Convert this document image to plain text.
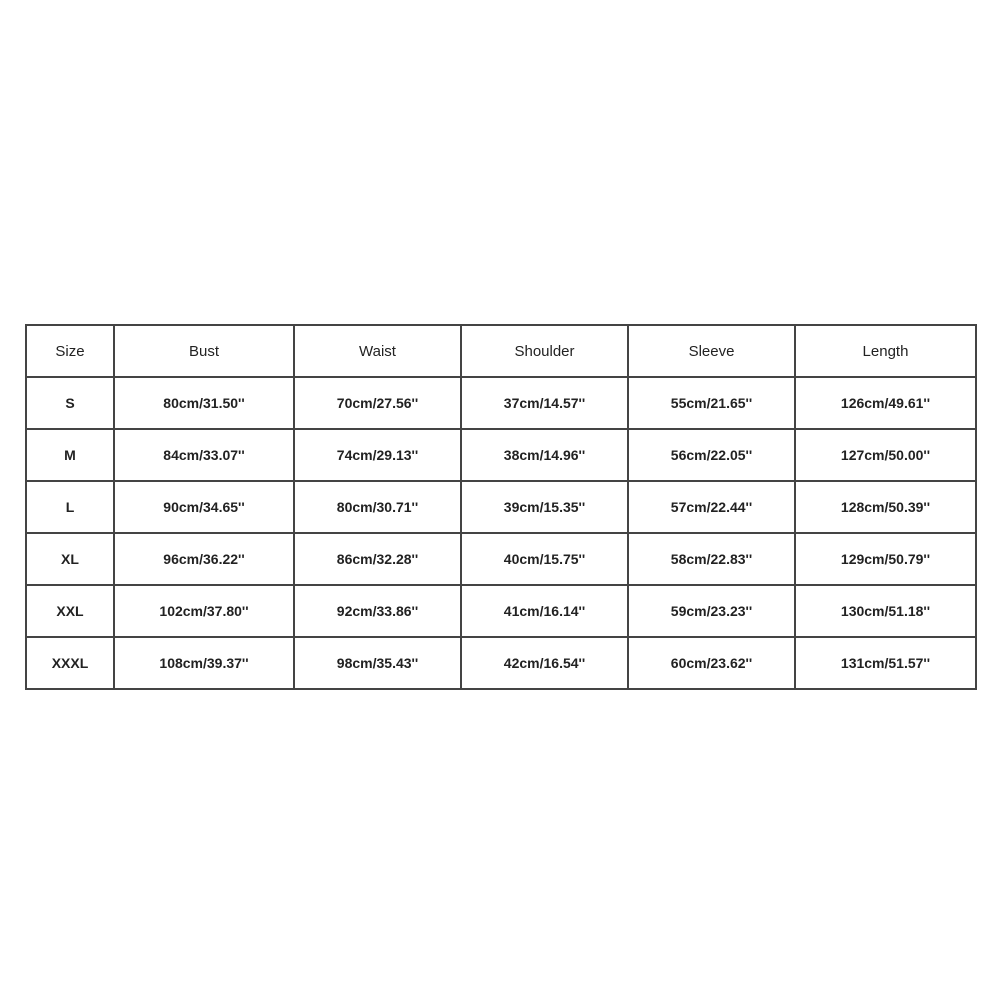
Size	Bust	Waist	Shoulder	Sleeve	Length
S	80cm/31.50''	70cm/27.56''	37cm/14.57''	55cm/21.65''	126cm/49.61''
M	84cm/33.07''	74cm/29.13''	38cm/14.96''	56cm/22.05''	127cm/50.00''
L	90cm/34.65''	80cm/30.71''	39cm/15.35''	57cm/22.44''	128cm/50.39''
XL	96cm/36.22''	86cm/32.28''	40cm/15.75''	58cm/22.83''	129cm/50.79''
XXL	102cm/37.80''	92cm/33.86''	41cm/16.14''	59cm/23.23''	130cm/51.18''
XXXL	108cm/39.37''	98cm/35.43''	42cm/16.54''	60cm/23.62''	131cm/51.57''
